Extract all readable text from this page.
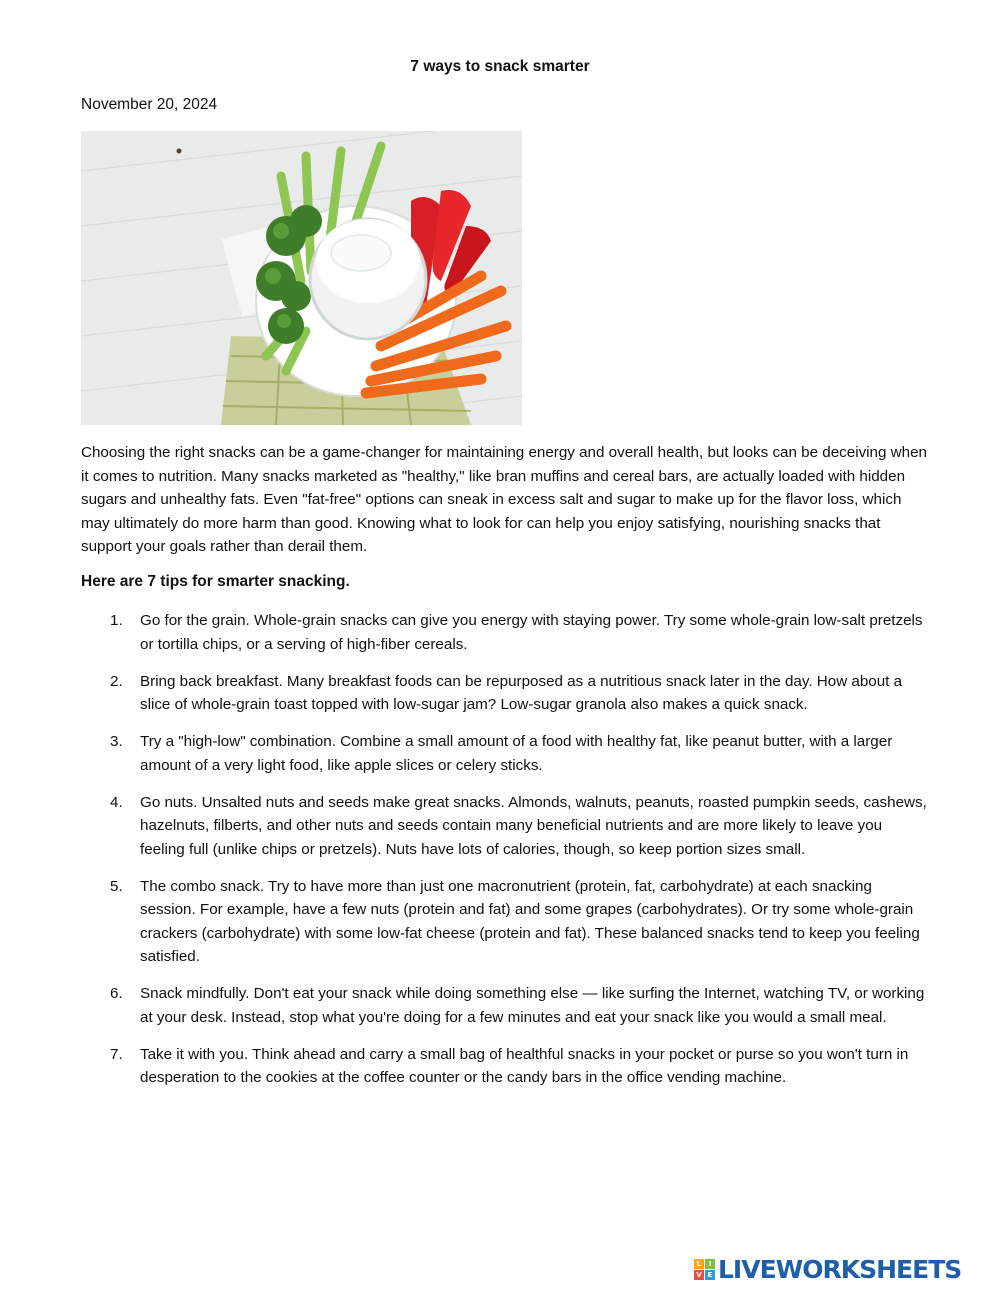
7 ways to snack smarter
November 20, 2024

Choosing the right snacks can be a game-changer for maintaining energy and overall health, but looks can be deceiving when it comes to nutrition. Many snacks marketed as "healthy," like bran muffins and cereal bars, are actually loaded with hidden sugars and unhealthy fats. Even "fat-free" options can sneak in excess salt and sugar to make up for the flavor loss, which may ultimately do more harm than good. Knowing what to look for can help you enjoy satisfying, nourishing snacks that support your goals rather than derail them.

Here are 7 tips for smarter snacking.
1. Go for the grain. Whole-grain snacks can give you energy with staying power. Try some whole-grain low-salt pretzels or tortilla chips, or a serving of high-fiber cereals.
2. Bring back breakfast. Many breakfast foods can be repurposed as a nutritious snack later in the day. How about a slice of whole-grain toast topped with low-sugar jam? Low-sugar granola also makes a quick snack.
3. Try a "high-low" combination. Combine a small amount of a food with healthy fat, like peanut butter, with a larger amount of a very light food, like apple slices or celery sticks.
4. Go nuts. Unsalted nuts and seeds make great snacks. Almonds, walnuts, peanuts, roasted pumpkin seeds, cashews, hazelnuts, filberts, and other nuts and seeds contain many beneficial nutrients and are more likely to leave you feeling full (unlike chips or pretzels). Nuts have lots of calories, though, so keep portion sizes small.
5. The combo snack. Try to have more than just one macronutrient (protein, fat, carbohydrate) at each snacking session. For example, have a few nuts (protein and fat) and some grapes (carbohydrates). Or try some whole-grain crackers (carbohydrate) with some low-fat cheese (protein and fat). These balanced snacks tend to keep you feeling satisfied.
6. Snack mindfully. Don't eat your snack while doing something else — like surfing the Internet, watching TV, or working at your desk. Instead, stop what you're doing for a few minutes and eat your snack like you would a small meal.
7. Take it with you. Think ahead and carry a small bag of healthful snacks in your pocket or purse so you won't turn in desperation to the cookies at the coffee counter or the candy bars in the office vending machine.
L	I
V E LIVEWORKSHEETS
